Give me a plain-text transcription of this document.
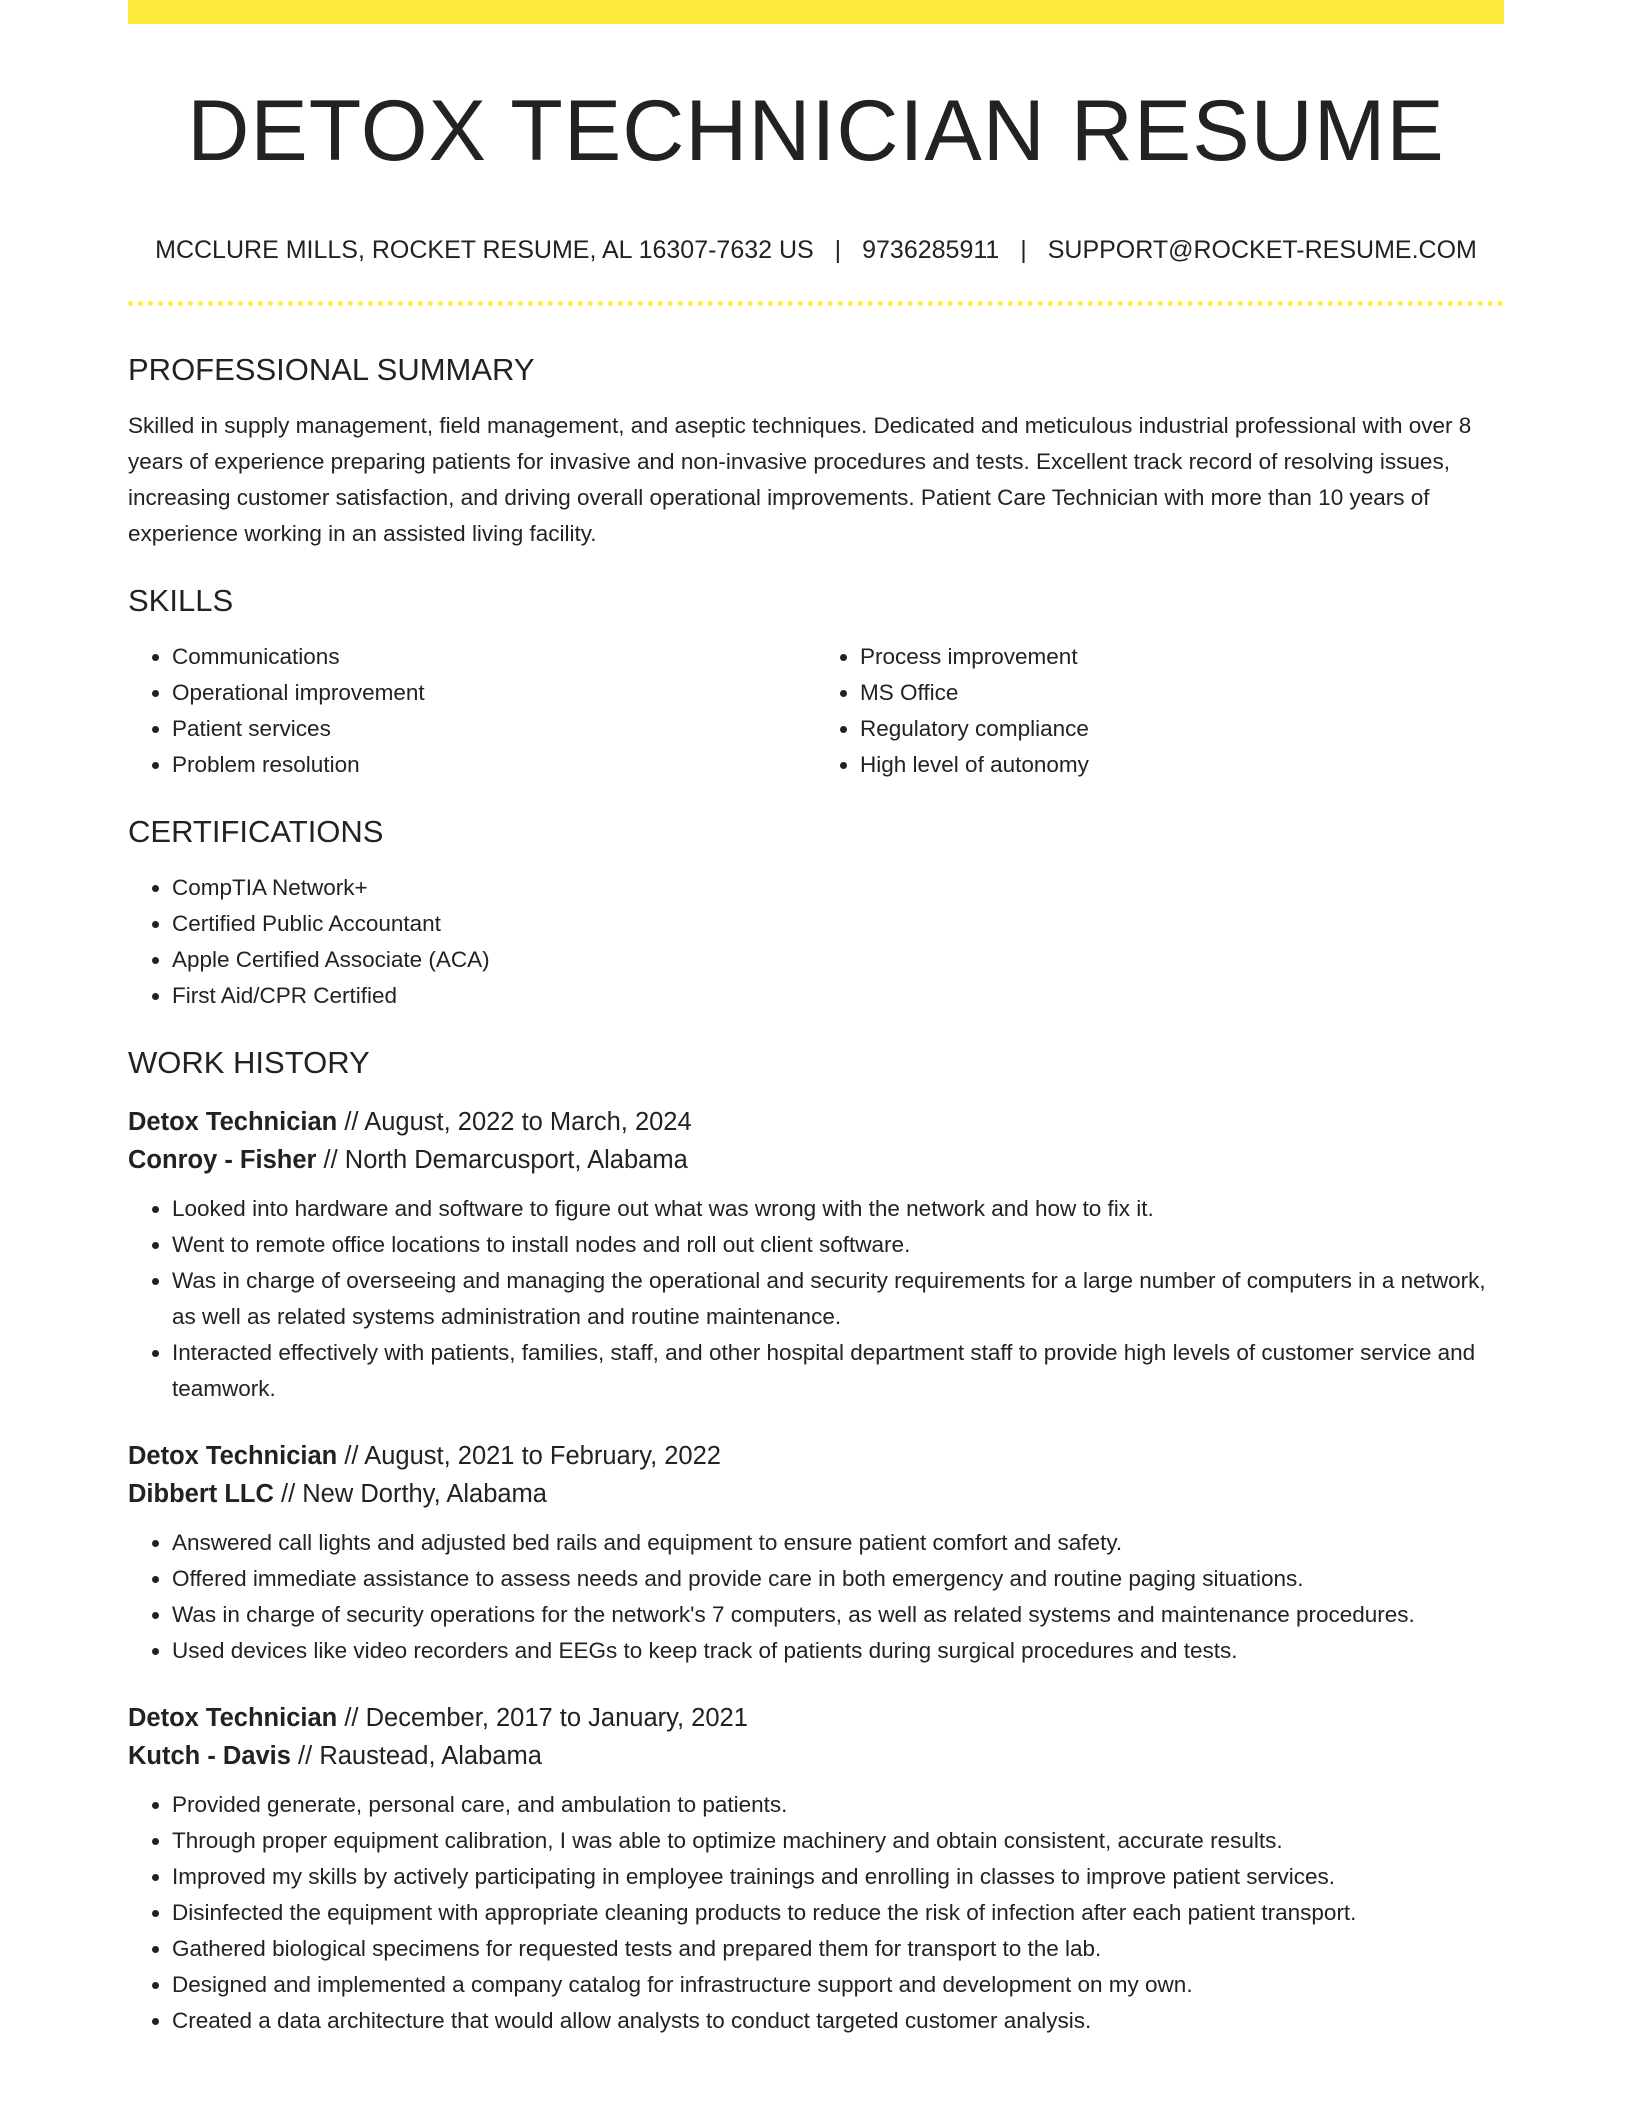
DETOX TECHNICIAN RESUME
MCCLURE MILLS, ROCKET RESUME, AL 16307-7632 US | 9736285911 | SUPPORT@ROCKET-RESUME.COM
PROFESSIONAL SUMMARY

Skilled in supply management, field management, and aseptic techniques. Dedicated and meticulous industrial professional with over 8 years of experience preparing patients for invasive and non-invasive procedures and tests. Excellent track record of resolving issues, increasing customer satisfaction, and driving overall operational improvements. Patient Care Technician with more than 10 years of experience working in an assisted living facility.

SKILLS
• Communications
• Operational improvement
• Patient services
• Problem resolution
• Process improvement
• MS Office
• Regulatory compliance
• High level of autonomy
CERTIFICATIONS
• CompTIA Network+
• Certified Public Accountant
• Apple Certified Associate (ACA)
• First Aid/CPR Certified
WORK HISTORY
Detox Technician // August, 2022 to March, 2024
Conroy - Fisher // North Demarcusport, Alabama
• Looked into hardware and software to figure out what was wrong with the network and how to fix it.
• Went to remote office locations to install nodes and roll out client software.
• Was in charge of overseeing and managing the operational and security requirements for a large number of computers in a network, as well as related systems administration and routine maintenance.
• Interacted effectively with patients, families, staff, and other hospital department staff to provide high levels of customer service and teamwork.
Detox Technician // August, 2021 to February, 2022
Dibbert LLC // New Dorthy, Alabama
• Answered call lights and adjusted bed rails and equipment to ensure patient comfort and safety.
• Offered immediate assistance to assess needs and provide care in both emergency and routine paging situations.
• Was in charge of security operations for the network's 7 computers, as well as related systems and maintenance procedures.
• Used devices like video recorders and EEGs to keep track of patients during surgical procedures and tests.
Detox Technician // December, 2017 to January, 2021
Kutch - Davis // Raustead, Alabama
• Provided generate, personal care, and ambulation to patients.
• Through proper equipment calibration, I was able to optimize machinery and obtain consistent, accurate results.
• Improved my skills by actively participating in employee trainings and enrolling in classes to improve patient services.
• Disinfected the equipment with appropriate cleaning products to reduce the risk of infection after each patient transport.
• Gathered biological specimens for requested tests and prepared them for transport to the lab.
• Designed and implemented a company catalog for infrastructure support and development on my own.
• Created a data architecture that would allow analysts to conduct targeted customer analysis.
